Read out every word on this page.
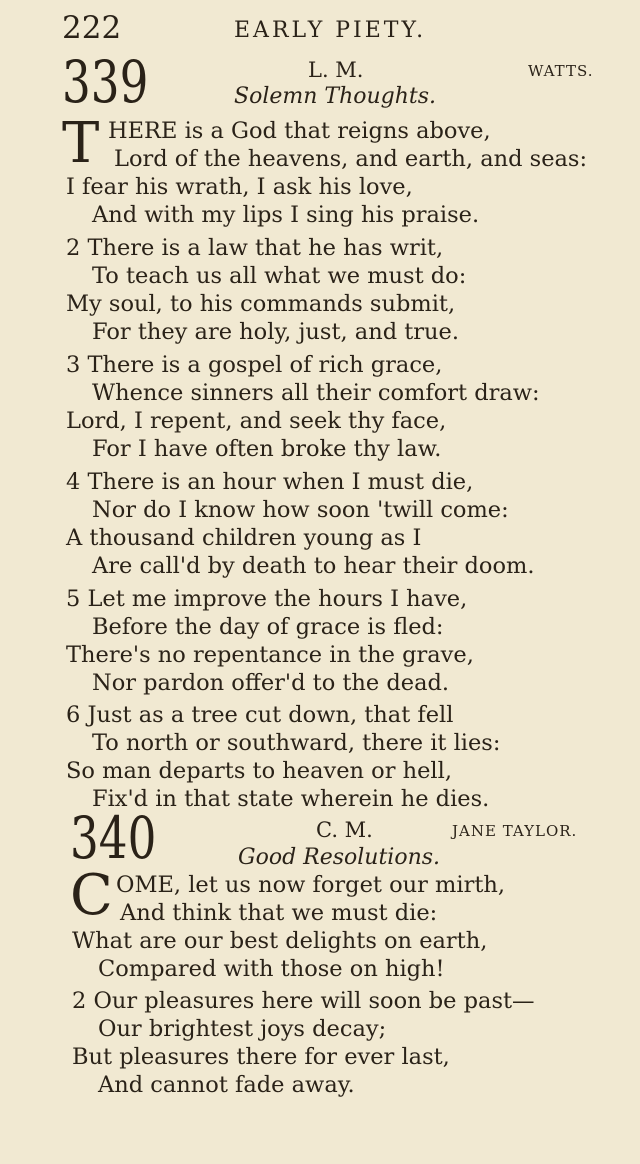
222	EARLY PIETY.
339	L. M.	WATTS.
Solemn Thoughts.
T HERE is a God that reigns above,
Lord of the heavens, and earth, and seas:
I fear his wrath, I ask his love,
And with my lips I sing his praise.
2 There is a law that he has writ,
To teach us all what we must do:
My soul, to his commands submit,
For they are holy, just, and true.
3 There is a gospel of rich grace,
Whence sinners all their comfort draw:
Lord, I repent, and seek thy face,
For I have often broke thy law.
4 There is an hour when I must die,
Nor do I know how soon 'twill come:
A thousand children young as I
Are call'd by death to hear their doom.
5 Let me improve the hours I have,
Before the day of grace is fled:
There's no repentance in the grave,
Nor pardon offer'd to the dead.
6 Just as a tree cut down, that fell
To north or southward, there it lies:
So man departs to heaven or hell,
Fix'd in that state wherein he dies.
340	C. M.	JANE TAYLOR.
Good Resolutions.
C OME, let us now forget our mirth,
And think that we must die:
What are our best delights on earth,
Compared with those on high!
2 Our pleasures here will soon be past—
Our brightest joys decay;
But pleasures there for ever last,
And cannot fade away.
